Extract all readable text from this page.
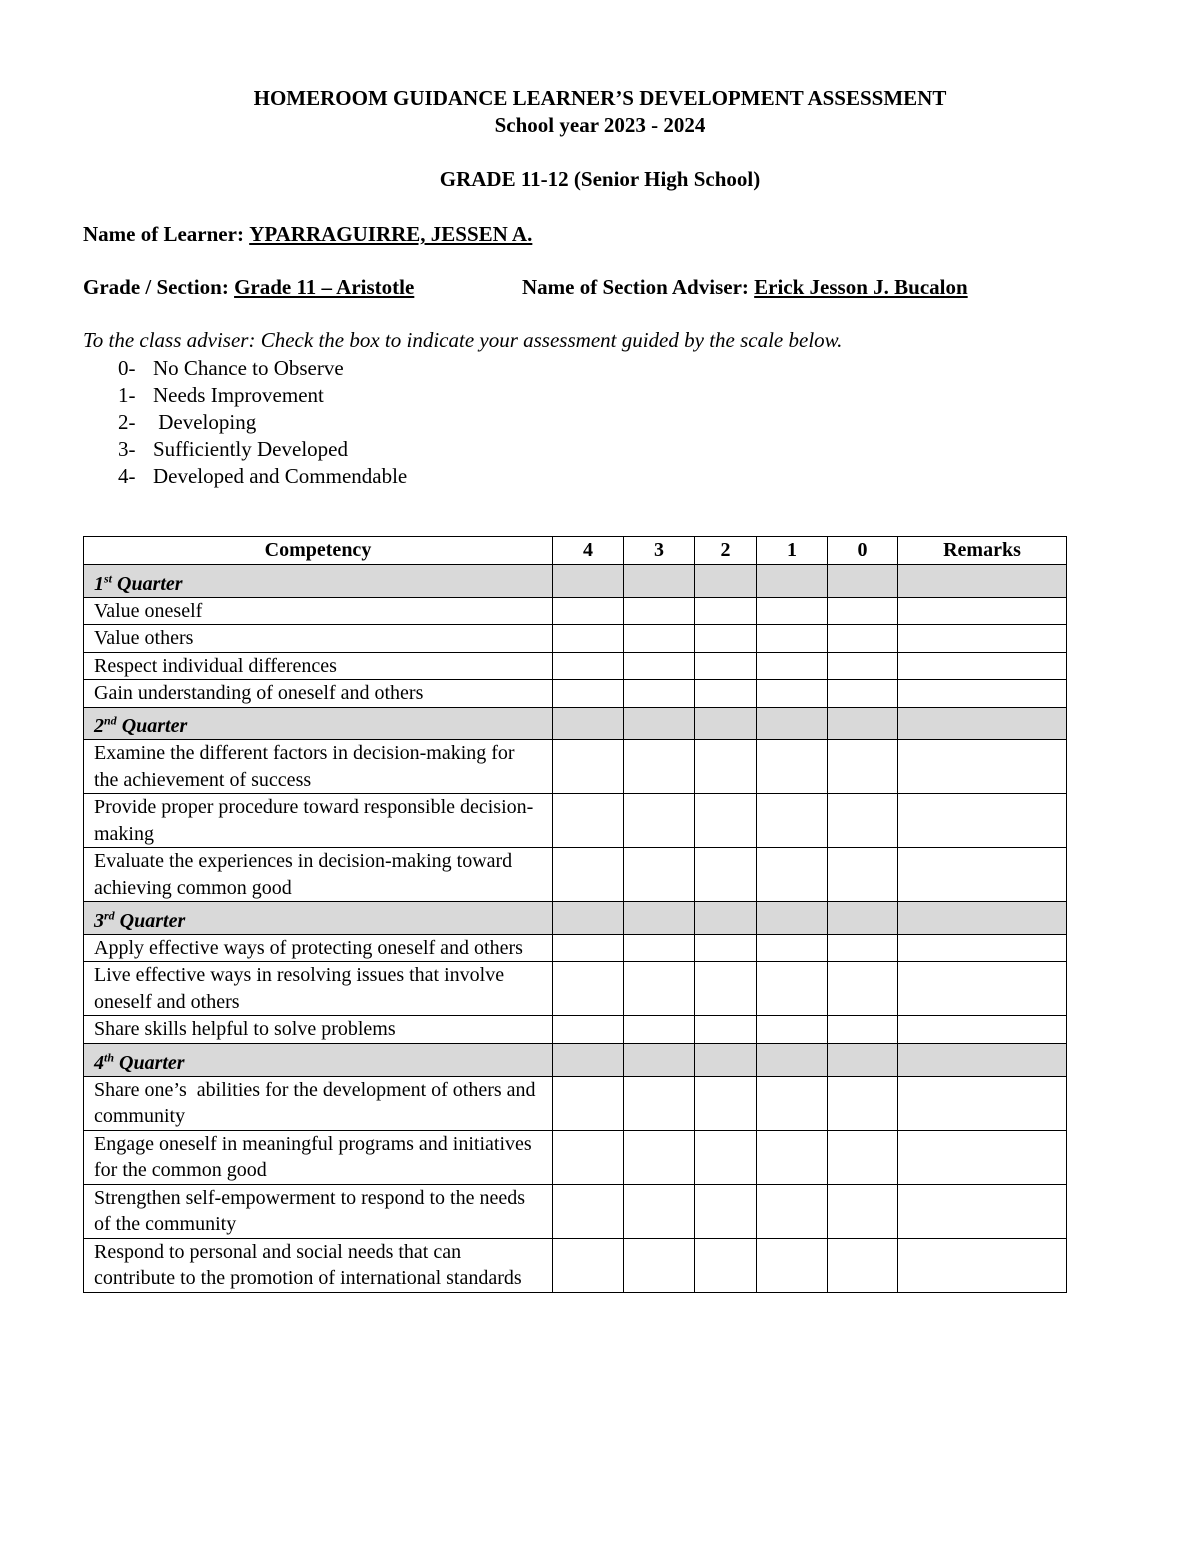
HOMEROOM GUIDANCE LEARNER’S DEVELOPMENT ASSESSMENT
School year 2023 - 2024
GRADE 11-12 (Senior High School)
Name of Learner: YPARRAGUIRRE, JESSEN A.
Grade / Section: Grade 11 – Aristotle	Name of Section Adviser: Erick Jesson J. Bucalon
To the class adviser: Check the box to indicate your assessment guided by the scale below.
0- No Chance to Observe
1- Needs Improvement
2- Developing
3- Sufficiently Developed
4- Developed and Commendable
Competency	4	3	2	1	0	Remarks
1st Quarter						
Value oneself						
Value others						
Respect individual differences						
Gain understanding of oneself and others						
2nd Quarter						
Examine the different factors in decision-making for the achievement of success						
Provide proper procedure toward responsible decision-making						
Evaluate the experiences in decision-making toward achieving common good						
3rd Quarter						
Apply effective ways of protecting oneself and others						
Live effective ways in resolving issues that involve oneself and others						
Share skills helpful to solve problems						
4th Quarter						
Share one’s  abilities for the development of others and community						
Engage oneself in meaningful programs and initiatives for the common good						
Strengthen self-empowerment to respond to the needs of the community						
Respond to personal and social needs that can contribute to the promotion of international standards						
